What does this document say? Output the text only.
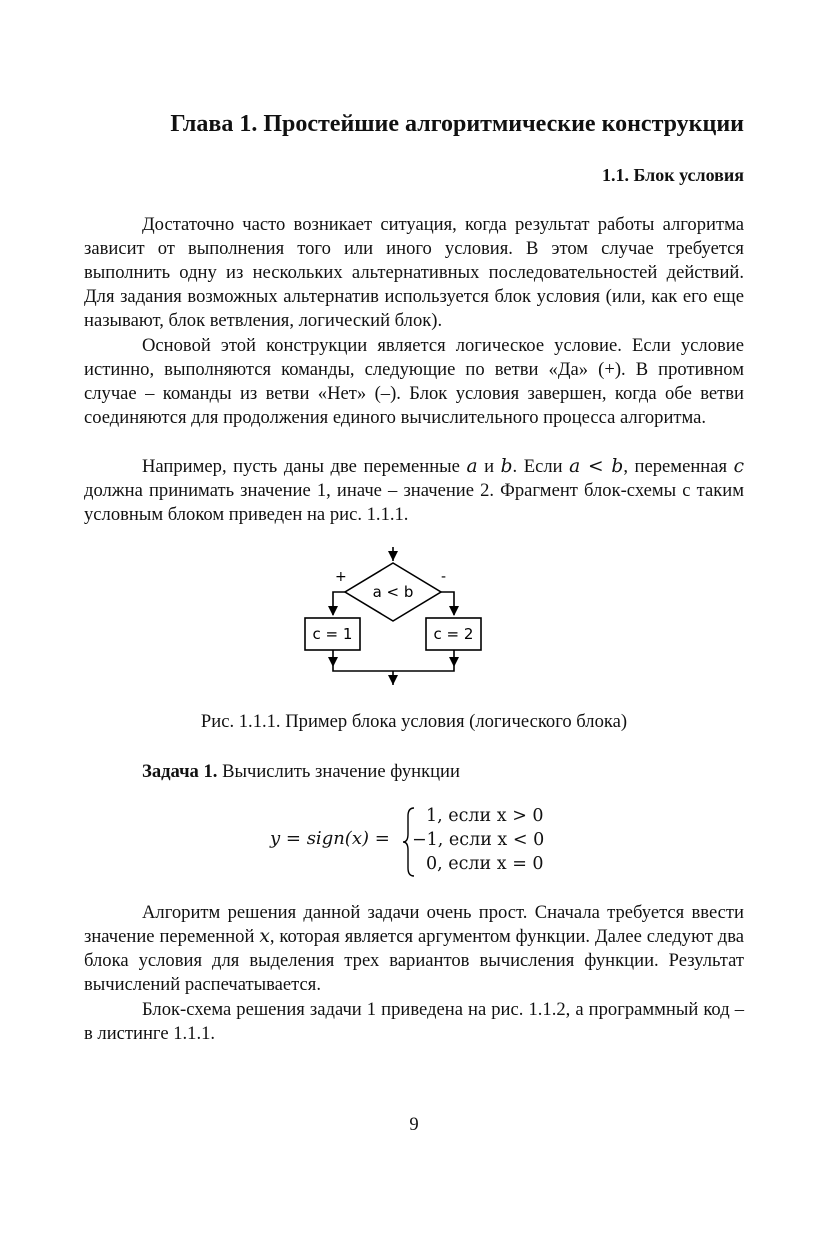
Глава 1. Простейшие алгоритмические конструкции
1.1. Блок условия

Достаточно часто возникает ситуация, когда результат работы алгоритма зависит от выполнения того или иного условия. В этом случае требуется выполнить одну из нескольких альтернативных последовательностей действий. Для задания возможных альтернатив используется блок условия (или, как его еще называют, блок ветвления, логический блок).

Основой этой конструкции является логическое условие. Если условие истинно, выполняются команды, следующие по ветви «Да» (+). В противном случае – команды из ветви «Нет» (–). Блок условия завершен, когда обе ветви соединяются для продолжения единого вычислительного процесса алгоритма.

Например, пусть даны две переменные a и b. Если a < b, переменная c должна принимать значение 1, иначе – значение 2. Фрагмент блок-схемы с таким условным блоком приведен на рис. 1.1.1.

+	-
a < b
c = 1	c = 2
Рис. 1.1.1. Пример блока условия (логического блока)
Задача 1. Вычислить значение функции
y = sign(x) =
1, если x > 0
−1, если x < 0
0, если x = 0

Алгоритм решения данной задачи очень прост. Сначала требуется ввести значение переменной x, которая является аргументом функции. Далее следуют два блока условия для выделения трех вариантов вычисления функции. Результат вычислений распечатывается.

Блок-схема решения задачи 1 приведена на рис. 1.1.2, а программный код – в листинге 1.1.1.

9
